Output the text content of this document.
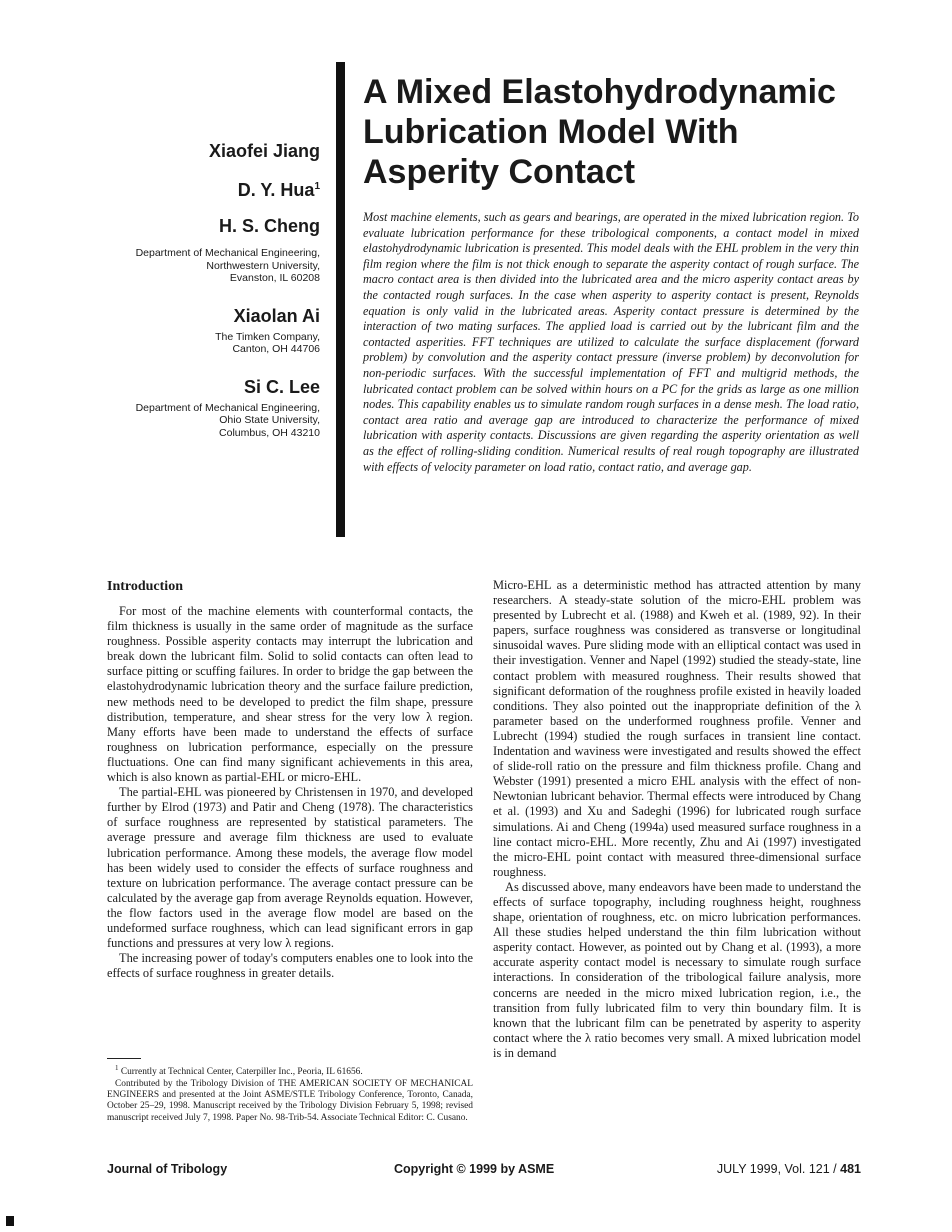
Xiaofei Jiang

D. Y. Hua$^1$

H. S. Cheng

Department of Mechanical Engineering,

Northwestern University,

Evanston, IL 60208

Xiaolan Ai

The Timken Company,

Canton, OH 44706

Si C. Lee

Department of Mechanical Engineering,

Ohio State University,

Columbus, OH 43210

A Mixed Elastohydrodynamic
Lubrication Model With
Asperity Contact

Most machine elements, such as gears and bearings, are operated in the mixed lubrication region. To evaluate lubrication performance for these tribological components, a contact model in mixed elastohydrodynamic lubrication is presented. This model deals with the EHL problem in the very thin film region where the film is not thick enough to separate the asperity contact of rough surface. The macro contact area is then divided into the lubricated area and the micro asperity contact areas by the contacted rough surfaces. In the case when asperity to asperity contact is present, Reynolds equation is only valid in the lubricated areas. Asperity contact pressure is determined by the interaction of two mating surfaces. The applied load is carried out by the lubricant film and the contacted asperities. FFT techniques are utilized to calculate the surface displacement (forward problem) by convolution and the asperity contact pressure (inverse problem) by deconvolution for non-periodic surfaces. With the successful implementation of FFT and multigrid methods, the lubricated contact problem can be solved within hours on a PC for the grids as large as one million nodes. This capability enables us to simulate random rough surfaces in a dense mesh. The load ratio, contact area ratio and average gap are introduced to characterize the performance of mixed lubrication with asperity contacts. Discussions are given regarding the asperity orientation as well as the effect of rolling-sliding condition. Numerical results of real rough topography are illustrated with effects of velocity parameter on load ratio, contact ratio, and average gap.

Introduction

For most of the machine elements with counterformal contacts, the film thickness is usually in the same order of magnitude as the surface roughness. Possible asperity contacts may interrupt the lubrication and break down the lubricant film. Solid to solid contacts can often lead to surface pitting or scuffing failures. In order to bridge the gap between the elastohydrodynamic lubrication theory and the surface failure prediction, new methods need to be developed to predict the film shape, pressure distribution, temperature, and shear stress for the very low λ region. Many efforts have been made to understand the effects of surface roughness on lubrication performance, especially on the pressure fluctuations. One can find many significant achievements in this area, which is also known as partial-EHL or micro-EHL.

The partial-EHL was pioneered by Christensen in 1970, and developed further by Elrod (1973) and Patir and Cheng (1978). The characteristics of surface roughness are represented by statistical parameters. The average pressure and average film thickness are used to evaluate lubrication performance. Among these models, the average flow model has been widely used to consider the effects of surface roughness and texture on lubrication performance. The average contact pressure can be calculated by the average gap from average Reynolds equation. However, the flow factors used in the average flow model are based on the undeformed surface roughness, which can lead significant errors in gap functions and pressures at very low λ regions.

The increasing power of today's computers enables one to look into the effects of surface roughness in greater details.

Micro-EHL as a deterministic method has attracted attention by many researchers. A steady-state solution of the micro-EHL problem was presented by Lubrecht et al. (1988) and Kweh et al. (1989, 92). In their papers, surface roughness was considered as transverse or longitudinal sinusoidal waves. Pure sliding mode with an elliptical contact was used in their investigation. Venner and Napel (1992) studied the steady-state, line contact problem with measured roughness. Their results showed that significant deformation of the roughness profile existed in heavily loaded conditions. They also pointed out the inappropriate definition of the λ parameter based on the underformed roughness profile. Venner and Lubrecht (1994) studied the rough surfaces in transient line contact. Indentation and waviness were investigated and results showed the effect of slide-roll ratio on the pressure and film thickness profile. Chang and Webster (1991) presented a micro EHL analysis with the effect of non-Newtonian lubricant behavior. Thermal effects were introduced by Chang et al. (1993) and Xu and Sadeghi (1996) for lubricated rough surface simulations. Ai and Cheng (1994a) used measured surface roughness in a line contact micro-EHL. More recently, Zhu and Ai (1997) investigated the micro-EHL point contact with measured three-dimensional surface roughness.

As discussed above, many endeavors have been made to understand the effects of surface topography, including roughness height, roughness shape, orientation of roughness, etc. on micro lubrication performances. All these studies helped understand the thin film lubrication without asperity contact. However, as pointed out by Chang et al. (1993), a more accurate asperity contact model is necessary to simulate rough surface interactions. In consideration of the tribological failure analysis, more concerns are needed in the micro mixed lubrication region, i.e., the transition from fully lubricated film to very thin boundary film. It is known that the lubricant film can be penetrated by asperity to asperity contact where the λ ratio becomes very small. A mixed lubrication model is in demand

$^1$ Currently at Technical Center, Caterpiller Inc., Peoria, IL 61656.

Contributed by the Tribology Division of THE AMERICAN SOCIETY OF MECHANICAL ENGINEERS and presented at the Joint ASME/STLE Tribology Conference, Toronto, Canada, October 25–29, 1998. Manuscript received by the Tribology Division February 5, 1998; revised manuscript received July 7, 1998. Paper No. 98-Trib-54. Associate Technical Editor: C. Cusano.

Journal of Tribology	Copyright © 1999 by ASME	JULY 1999, Vol. 121 / 481
